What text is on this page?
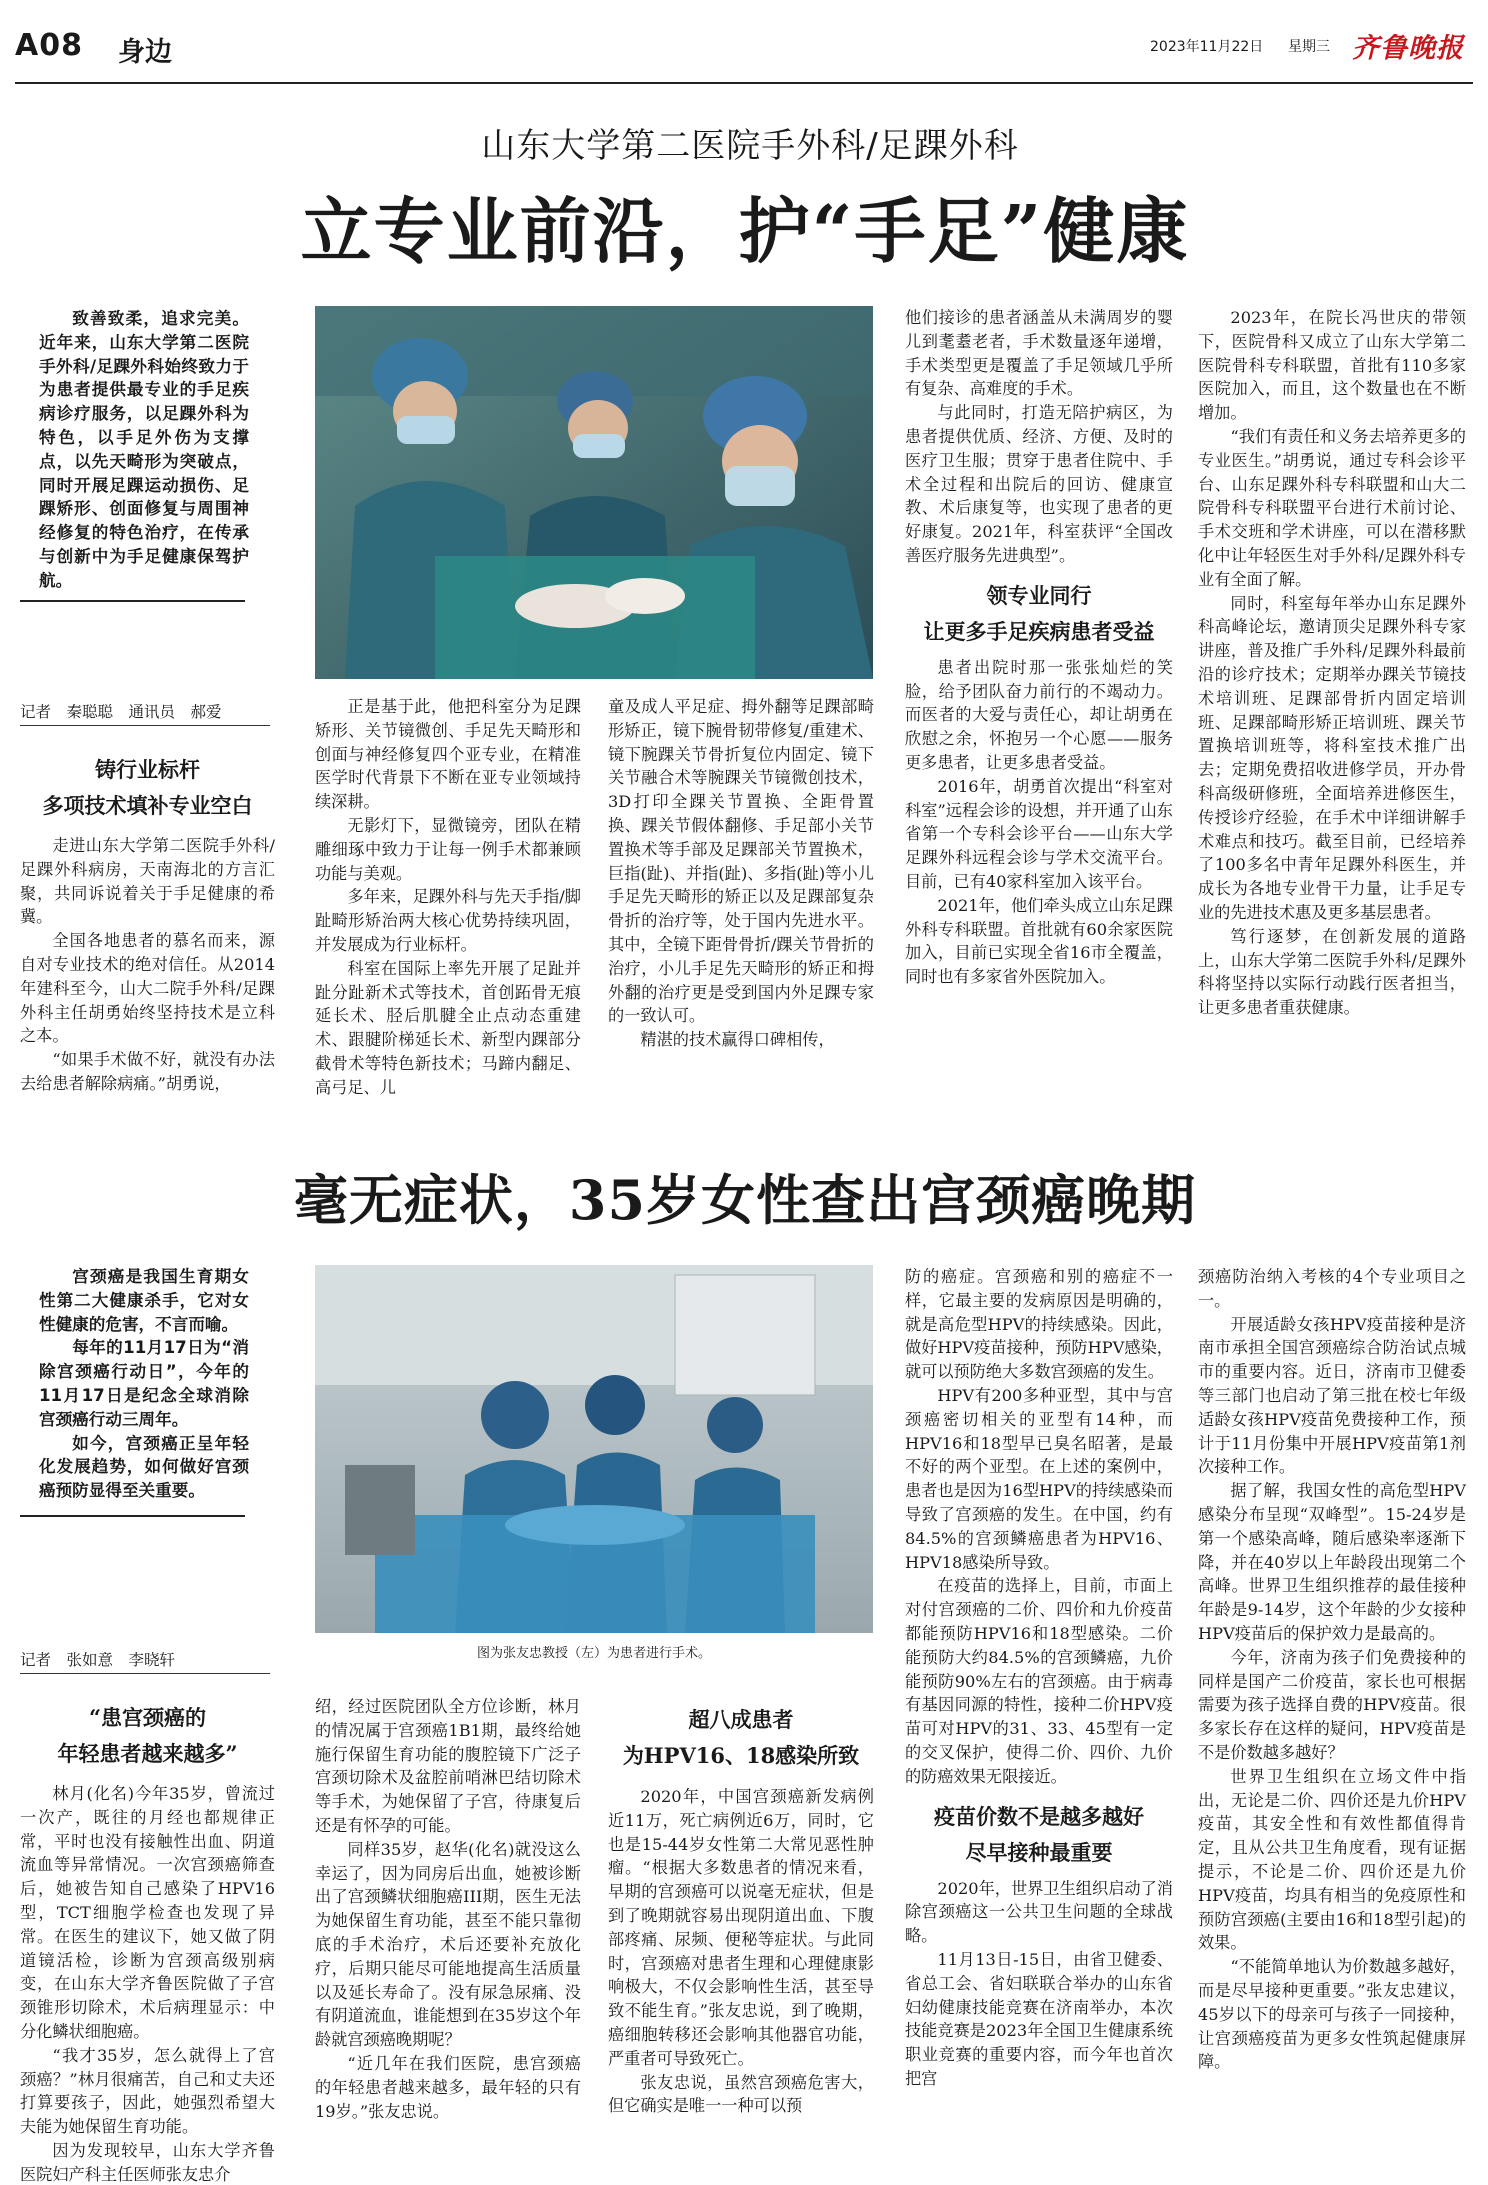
A08 身边	2023年11月22日 星期三 齐鲁晚报
山东大学第二医院手外科/足踝外科
立专业前沿，护“手足”健康
致善致柔，追求完美。近年来，山东大学第二医院手外科/足踝外科始终致力于为患者提供最专业的手足疾病诊疗服务，以足踝外科为特色，以手足外伤为支撑点，以先天畸形为突破点，同时开展足踝运动损伤、足踝矫形、创面修复与周围神经修复的特色治疗，在传承与创新中为手足健康保驾护航。
记者　秦聪聪　通讯员　郝爱
铸行业标杆
多项技术填补专业空白

走进山东大学第二医院手外科/足踝外科病房，天南海北的方言汇聚，共同诉说着关于手足健康的希冀。

全国各地患者的慕名而来，源自对专业技术的绝对信任。从2014年建科至今，山大二院手外科/足踝外科主任胡勇始终坚持技术是立科之本。

“如果手术做不好，就没有办法去给患者解除病痛。”胡勇说，

正是基于此，他把科室分为足踝矫形、关节镜微创、手足先天畸形和创面与神经修复四个亚专业，在精准医学时代背景下不断在亚专业领域持续深耕。

无影灯下，显微镜旁，团队在精雕细琢中致力于让每一例手术都兼顾功能与美观。

多年来，足踝外科与先天手指/脚趾畸形矫治两大核心优势持续巩固，并发展成为行业标杆。

科室在国际上率先开展了足趾并趾分趾新术式等技术，首创跖骨无痕延长术、胫后肌腱全止点动态重建术、跟腱阶梯延长术、新型内踝部分截骨术等特色新技术；马蹄内翻足、高弓足、儿

童及成人平足症、拇外翻等足踝部畸形矫正，镜下腕骨韧带修复/重建术、镜下腕踝关节骨折复位内固定、镜下关节融合术等腕踝关节镜微创技术，3D打印全踝关节置换、全距骨置换、踝关节假体翻修、手足部小关节置换术等手部及足踝部关节置换术，巨指(趾)、并指(趾)、多指(趾)等小儿手足先天畸形的矫正以及足踝部复杂骨折的治疗等，处于国内先进水平。其中，全镜下距骨骨折/踝关节骨折的治疗，小儿手足先天畸形的矫正和拇外翻的治疗更是受到国内外足踝专家的一致认可。

精湛的技术赢得口碑相传，

他们接诊的患者涵盖从未满周岁的婴儿到耄耋老者，手术数量逐年递增，手术类型更是覆盖了手足领域几乎所有复杂、高难度的手术。

与此同时，打造无陪护病区，为患者提供优质、经济、方便、及时的医疗卫生服；贯穿于患者住院中、手术全过程和出院后的回访、健康宣教、术后康复等，也实现了患者的更好康复。2021年，科室获评“全国改善医疗服务先进典型”。

领专业同行
让更多手足疾病患者受益

患者出院时那一张张灿烂的笑脸，给予团队奋力前行的不竭动力。而医者的大爱与责任心，却让胡勇在欣慰之余，怀抱另一个心愿——服务更多患者，让更多患者受益。

2016年，胡勇首次提出“科室对科室”远程会诊的设想，并开通了山东省第一个专科会诊平台——山东大学足踝外科远程会诊与学术交流平台。目前，已有40家科室加入该平台。

2021年，他们牵头成立山东足踝外科专科联盟。首批就有60余家医院加入，目前已实现全省16市全覆盖，同时也有多家省外医院加入。

2023年，在院长冯世庆的带领下，医院骨科又成立了山东大学第二医院骨科专科联盟，首批有110多家医院加入，而且，这个数量也在不断增加。

“我们有责任和义务去培养更多的专业医生。”胡勇说，通过专科会诊平台、山东足踝外科专科联盟和山大二院骨科专科联盟平台进行术前讨论、手术交班和学术讲座，可以在潜移默化中让年轻医生对手外科/足踝外科专业有全面了解。

同时，科室每年举办山东足踝外科高峰论坛，邀请顶尖足踝外科专家讲座，普及推广手外科/足踝外科最前沿的诊疗技术；定期举办踝关节镜技术培训班、足踝部骨折内固定培训班、足踝部畸形矫正培训班、踝关节置换培训班等，将科室技术推广出去；定期免费招收进修学员，开办骨科高级研修班，全面培养进修医生，传授诊疗经验，在手术中详细讲解手术难点和技巧。截至目前，已经培养了100多名中青年足踝外科医生，并成长为各地专业骨干力量，让手足专业的先进技术惠及更多基层患者。

笃行逐梦，在创新发展的道路上，山东大学第二医院手外科/足踝外科将坚持以实际行动践行医者担当，让更多患者重获健康。

毫无症状，35岁女性查出宫颈癌晚期

宫颈癌是我国生育期女性第二大健康杀手，它对女性健康的危害，不言而喻。

每年的11月17日为“消除宫颈癌行动日”，今年的11月17日是纪念全球消除宫颈癌行动三周年。

如今，宫颈癌正呈年轻化发展趋势，如何做好宫颈癌预防显得至关重要。

图为张友忠教授（左）为患者进行手术。
记者　张如意　李晓轩
“患宫颈癌的
年轻患者越来越多”

林月(化名)今年35岁，曾流过一次产，既往的月经也都规律正常，平时也没有接触性出血、阴道流血等异常情况。一次宫颈癌筛查后，她被告知自己感染了HPV16型，TCT细胞学检查也发现了异常。在医生的建议下，她又做了阴道镜活检，诊断为宫颈高级别病变，在山东大学齐鲁医院做了子宫颈锥形切除术，术后病理显示：中分化鳞状细胞癌。

“我才35岁，怎么就得上了宫颈癌？”林月很痛苦，自己和丈夫还打算要孩子，因此，她强烈希望大夫能为她保留生育功能。

因为发现较早，山东大学齐鲁医院妇产科主任医师张友忠介

绍，经过医院团队全方位诊断，林月的情况属于宫颈癌1B1期，最终给她施行保留生育功能的腹腔镜下广泛子宫颈切除术及盆腔前哨淋巴结切除术等手术，为她保留了子宫，待康复后还是有怀孕的可能。

同样35岁，赵华(化名)就没这么幸运了，因为同房后出血，她被诊断出了宫颈鳞状细胞癌III期，医生无法为她保留生育功能，甚至不能只靠彻底的手术治疗，术后还要补充放化疗，后期只能尽可能地提高生活质量以及延长寿命了。没有尿急尿痛、没有阴道流血，谁能想到在35岁这个年龄就宫颈癌晚期呢？

“近几年在我们医院，患宫颈癌的年轻患者越来越多，最年轻的只有19岁。”张友忠说。

超八成患者
为HPV16、18感染所致

2020年，中国宫颈癌新发病例近11万，死亡病例近6万，同时，它也是15-44岁女性第二大常见恶性肿瘤。“根据大多数患者的情况来看，早期的宫颈癌可以说毫无症状，但是到了晚期就容易出现阴道出血、下腹部疼痛、尿频、便秘等症状。与此同时，宫颈癌对患者生理和心理健康影响极大，不仅会影响性生活，甚至导致不能生育。”张友忠说，到了晚期，癌细胞转移还会影响其他器官功能，严重者可导致死亡。

张友忠说，虽然宫颈癌危害大，但它确实是唯一一种可以预

防的癌症。宫颈癌和别的癌症不一样，它最主要的发病原因是明确的，就是高危型HPV的持续感染。因此，做好HPV疫苗接种，预防HPV感染，就可以预防绝大多数宫颈癌的发生。

HPV有200多种亚型，其中与宫颈癌密切相关的亚型有14种，而HPV16和18型早已臭名昭著，是最不好的两个亚型。在上述的案例中，患者也是因为16型HPV的持续感染而导致了宫颈癌的发生。在中国，约有84.5%的宫颈鳞癌患者为HPV16、HPV18感染所导致。

在疫苗的选择上，目前，市面上对付宫颈癌的二价、四价和九价疫苗都能预防HPV16和18型感染。二价能预防大约84.5%的宫颈鳞癌，九价能预防90%左右的宫颈癌。由于病毒有基因同源的特性，接种二价HPV疫苗可对HPV的31、33、45型有一定的交叉保护，使得二价、四价、九价的防癌效果无限接近。

疫苗价数不是越多越好
尽早接种最重要

2020年，世界卫生组织启动了消除宫颈癌这一公共卫生问题的全球战略。

11月13日-15日，由省卫健委、省总工会、省妇联联合举办的山东省妇幼健康技能竞赛在济南举办，本次技能竞赛是2023年全国卫生健康系统职业竞赛的重要内容，而今年也首次把宫

颈癌防治纳入考核的4个专业项目之一。

开展适龄女孩HPV疫苗接种是济南市承担全国宫颈癌综合防治试点城市的重要内容。近日，济南市卫健委等三部门也启动了第三批在校七年级适龄女孩HPV疫苗免费接种工作，预计于11月份集中开展HPV疫苗第1剂次接种工作。

据了解，我国女性的高危型HPV感染分布呈现“双峰型”。15-24岁是第一个感染高峰，随后感染率逐渐下降，并在40岁以上年龄段出现第二个高峰。世界卫生组织推荐的最佳接种年龄是9-14岁，这个年龄的少女接种HPV疫苗后的保护效力是最高的。

今年，济南为孩子们免费接种的同样是国产二价疫苗，家长也可根据需要为孩子选择自费的HPV疫苗。很多家长存在这样的疑问，HPV疫苗是不是价数越多越好？

世界卫生组织在立场文件中指出，无论是二价、四价还是九价HPV疫苗，其安全性和有效性都值得肯定，且从公共卫生角度看，现有证据提示，不论是二价、四价还是九价HPV疫苗，均具有相当的免疫原性和预防宫颈癌(主要由16和18型引起)的效果。

“不能简单地认为价数越多越好，而是尽早接种更重要。”张友忠建议，45岁以下的母亲可与孩子一同接种，让宫颈癌疫苗为更多女性筑起健康屏障。
